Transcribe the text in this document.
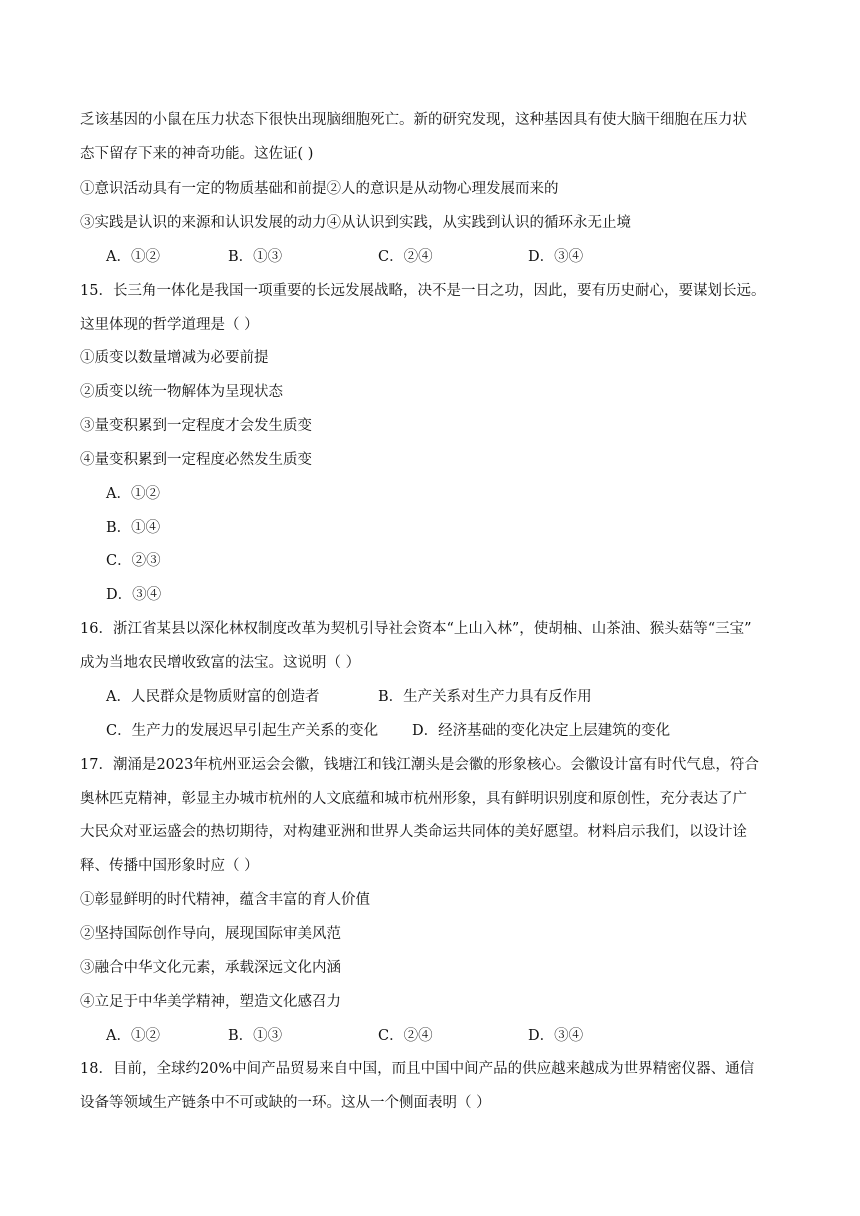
乏该基因的小鼠在压力状态下很快出现脑细胞死亡。新的研究发现，这种基因具有使大脑干细胞在压力状
态下留存下来的神奇功能。这佐证( )
①意识活动具有一定的物质基础和前提②人的意识是从动物心理发展而来的
③实践是认识的来源和认识发展的动力④从认识到实践，从实践到认识的循环永无止境
A．①②	B．①③	C．②④	D．③④
15．长三角一体化是我国一项重要的长远发展战略，决不是一日之功，因此，要有历史耐心，要谋划长远。
这里体现的哲学道理是（ ）
①质变以数量增减为必要前提
②质变以统一物解体为呈现状态
③量变积累到一定程度才会发生质变
④量变积累到一定程度必然发生质变
A．①②
B．①④
C．②③
D．③④
16．浙江省某县以深化林权制度改革为契机引导社会资本“上山入林”，使胡柚、山茶油、猴头菇等“三宝”
成为当地农民增收致富的法宝。这说明（ ）
A．人民群众是物质财富的创造者	B．生产关系对生产力具有反作用
C．生产力的发展迟早引起生产关系的变化 D．经济基础的变化决定上层建筑的变化
17．潮涌是2023年杭州亚运会会徽，钱塘江和钱江潮头是会徽的形象核心。会徽设计富有时代气息，符合
奥林匹克精神，彰显主办城市杭州的人文底蕴和城市杭州形象，具有鲜明识别度和原创性，充分表达了广
大民众对亚运盛会的热切期待，对构建亚洲和世界人类命运共同体的美好愿望。材料启示我们，以设计诠
释、传播中国形象时应（ ）
①彰显鲜明的时代精神，蕴含丰富的育人价值
②坚持国际创作导向，展现国际审美风范
③融合中华文化元素，承载深远文化内涵
④立足于中华美学精神，塑造文化感召力
A．①②	B．①③	C．②④	D．③④
18．目前，全球约20%中间产品贸易来自中国，而且中国中间产品的供应越来越成为世界精密仪器、通信
设备等领域生产链条中不可或缺的一环。这从一个侧面表明（ ）
